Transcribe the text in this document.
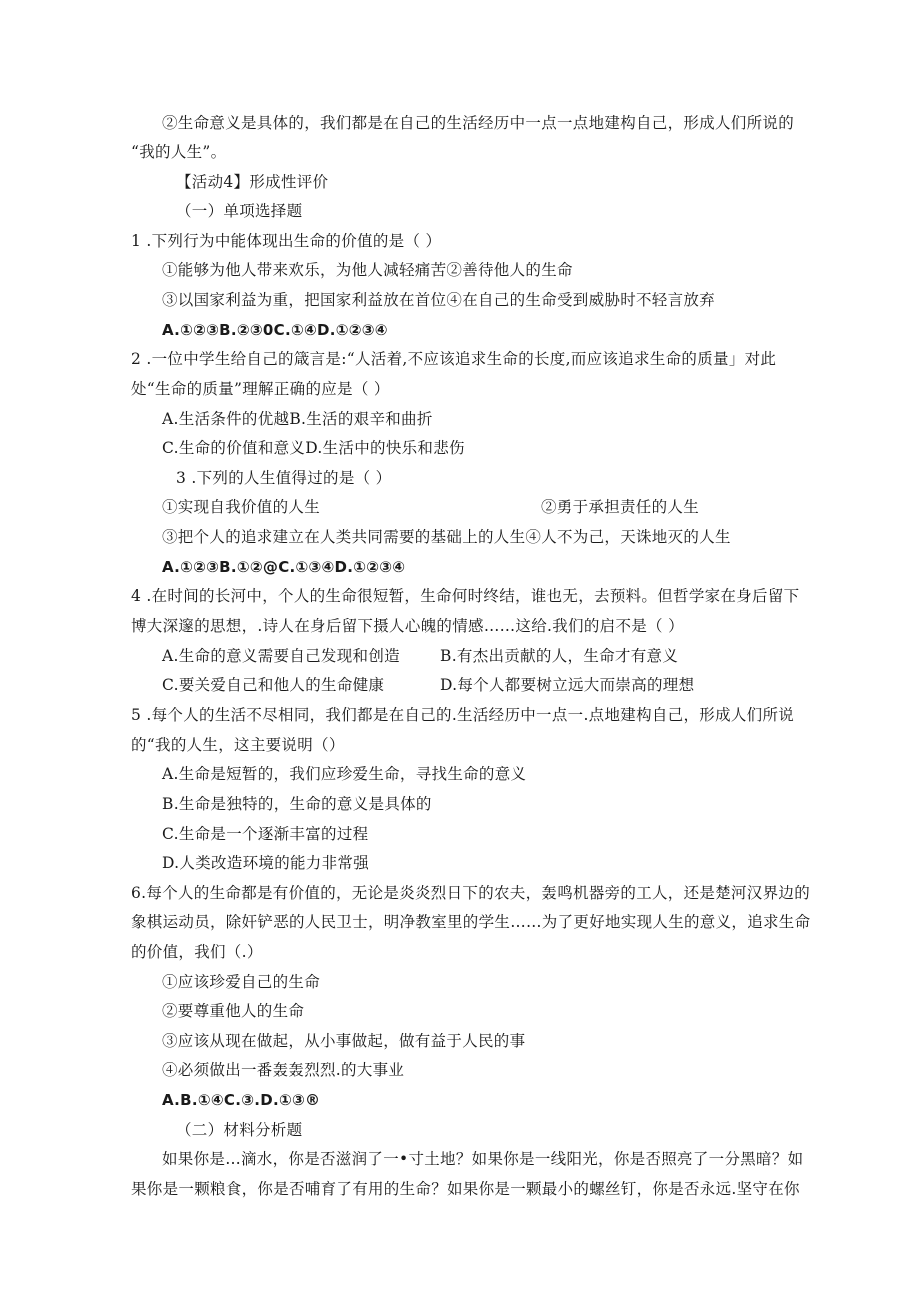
②生命意义是具体的，我们都是在自己的生活经历中一点一点地建构自己，形成人们所说的
“我的人生”。
【活动4】形成性评价
（一）单项选择题
1 .下列行为中能体现出生命的价值的是（ ）
①能够为他人带来欢乐，为他人减轻痛苦②善待他人的生命
③以国家利益为重，把国家利益放在首位④在自己的生命受到威胁时不轻言放弃
A.①②③B.②③0C.①④D.①②③④
2 .一位中学生给自己的箴言是:“人活着,不应该追求生命的长度,而应该追求生命的质量」对此
处“生命的质量”理解正确的应是（ ）
A.生活条件的优越B.生活的艰辛和曲折
C.生命的价值和意义D.生活中的快乐和悲伤
3 .下列的人生值得过的是（ ）
①实现自我价值的人生	②勇于承担责任的人生
③把个人的追求建立在人类共同需要的基础上的人生④人不为己，天诛地灭的人生
A.①②③B.①②@C.①③④D.①②③④
4 .在时间的长河中，个人的生命很短暂，生命何时终结，谁也无，去预料。但哲学家在身后留下
博大深邃的思想，.诗人在身后留下摄人心魄的情感……这给.我们的启不是（ ）
A.生命的意义需要自己发现和创造	B.有杰出贡献的人，生命才有意义
C.要关爱自己和他人的生命健康	D.每个人都要树立远大而崇高的理想
5 .每个人的生活不尽相同，我们都是在自己的.生活经历中一点一.点地建构自己，形成人们所说
的“我的人生，这主要说明（）
A.生命是短暂的，我们应珍爱生命，寻找生命的意义
B.生命是独特的，生命的意义是具体的
C.生命是一个逐渐丰富的过程
D.人类改造环境的能力非常强
6.每个人的生命都是有价值的，无论是炎炎烈日下的农夫，轰鸣机器旁的工人，还是楚河汉界边的
象棋运动员，除奸铲恶的人民卫士，明净教室里的学生……为了更好地实现人生的意义，追求生命
的价值，我们（.）
①应该珍爱自己的生命
②要尊重他人的生命
③应该从现在做起，从小事做起，做有益于人民的事
④必须做出一番轰轰烈烈.的大事业
A.B.①④C.③.D.①③®
（二）材料分析题
如果你是…滴水，你是否滋润了一•寸土地？如果你是一线阳光，你是否照亮了一分黑暗？如
果你是一颗粮食，你是否哺育了有用的生命？如果你是一颗最小的螺丝钉，你是否永远.坚守在你
